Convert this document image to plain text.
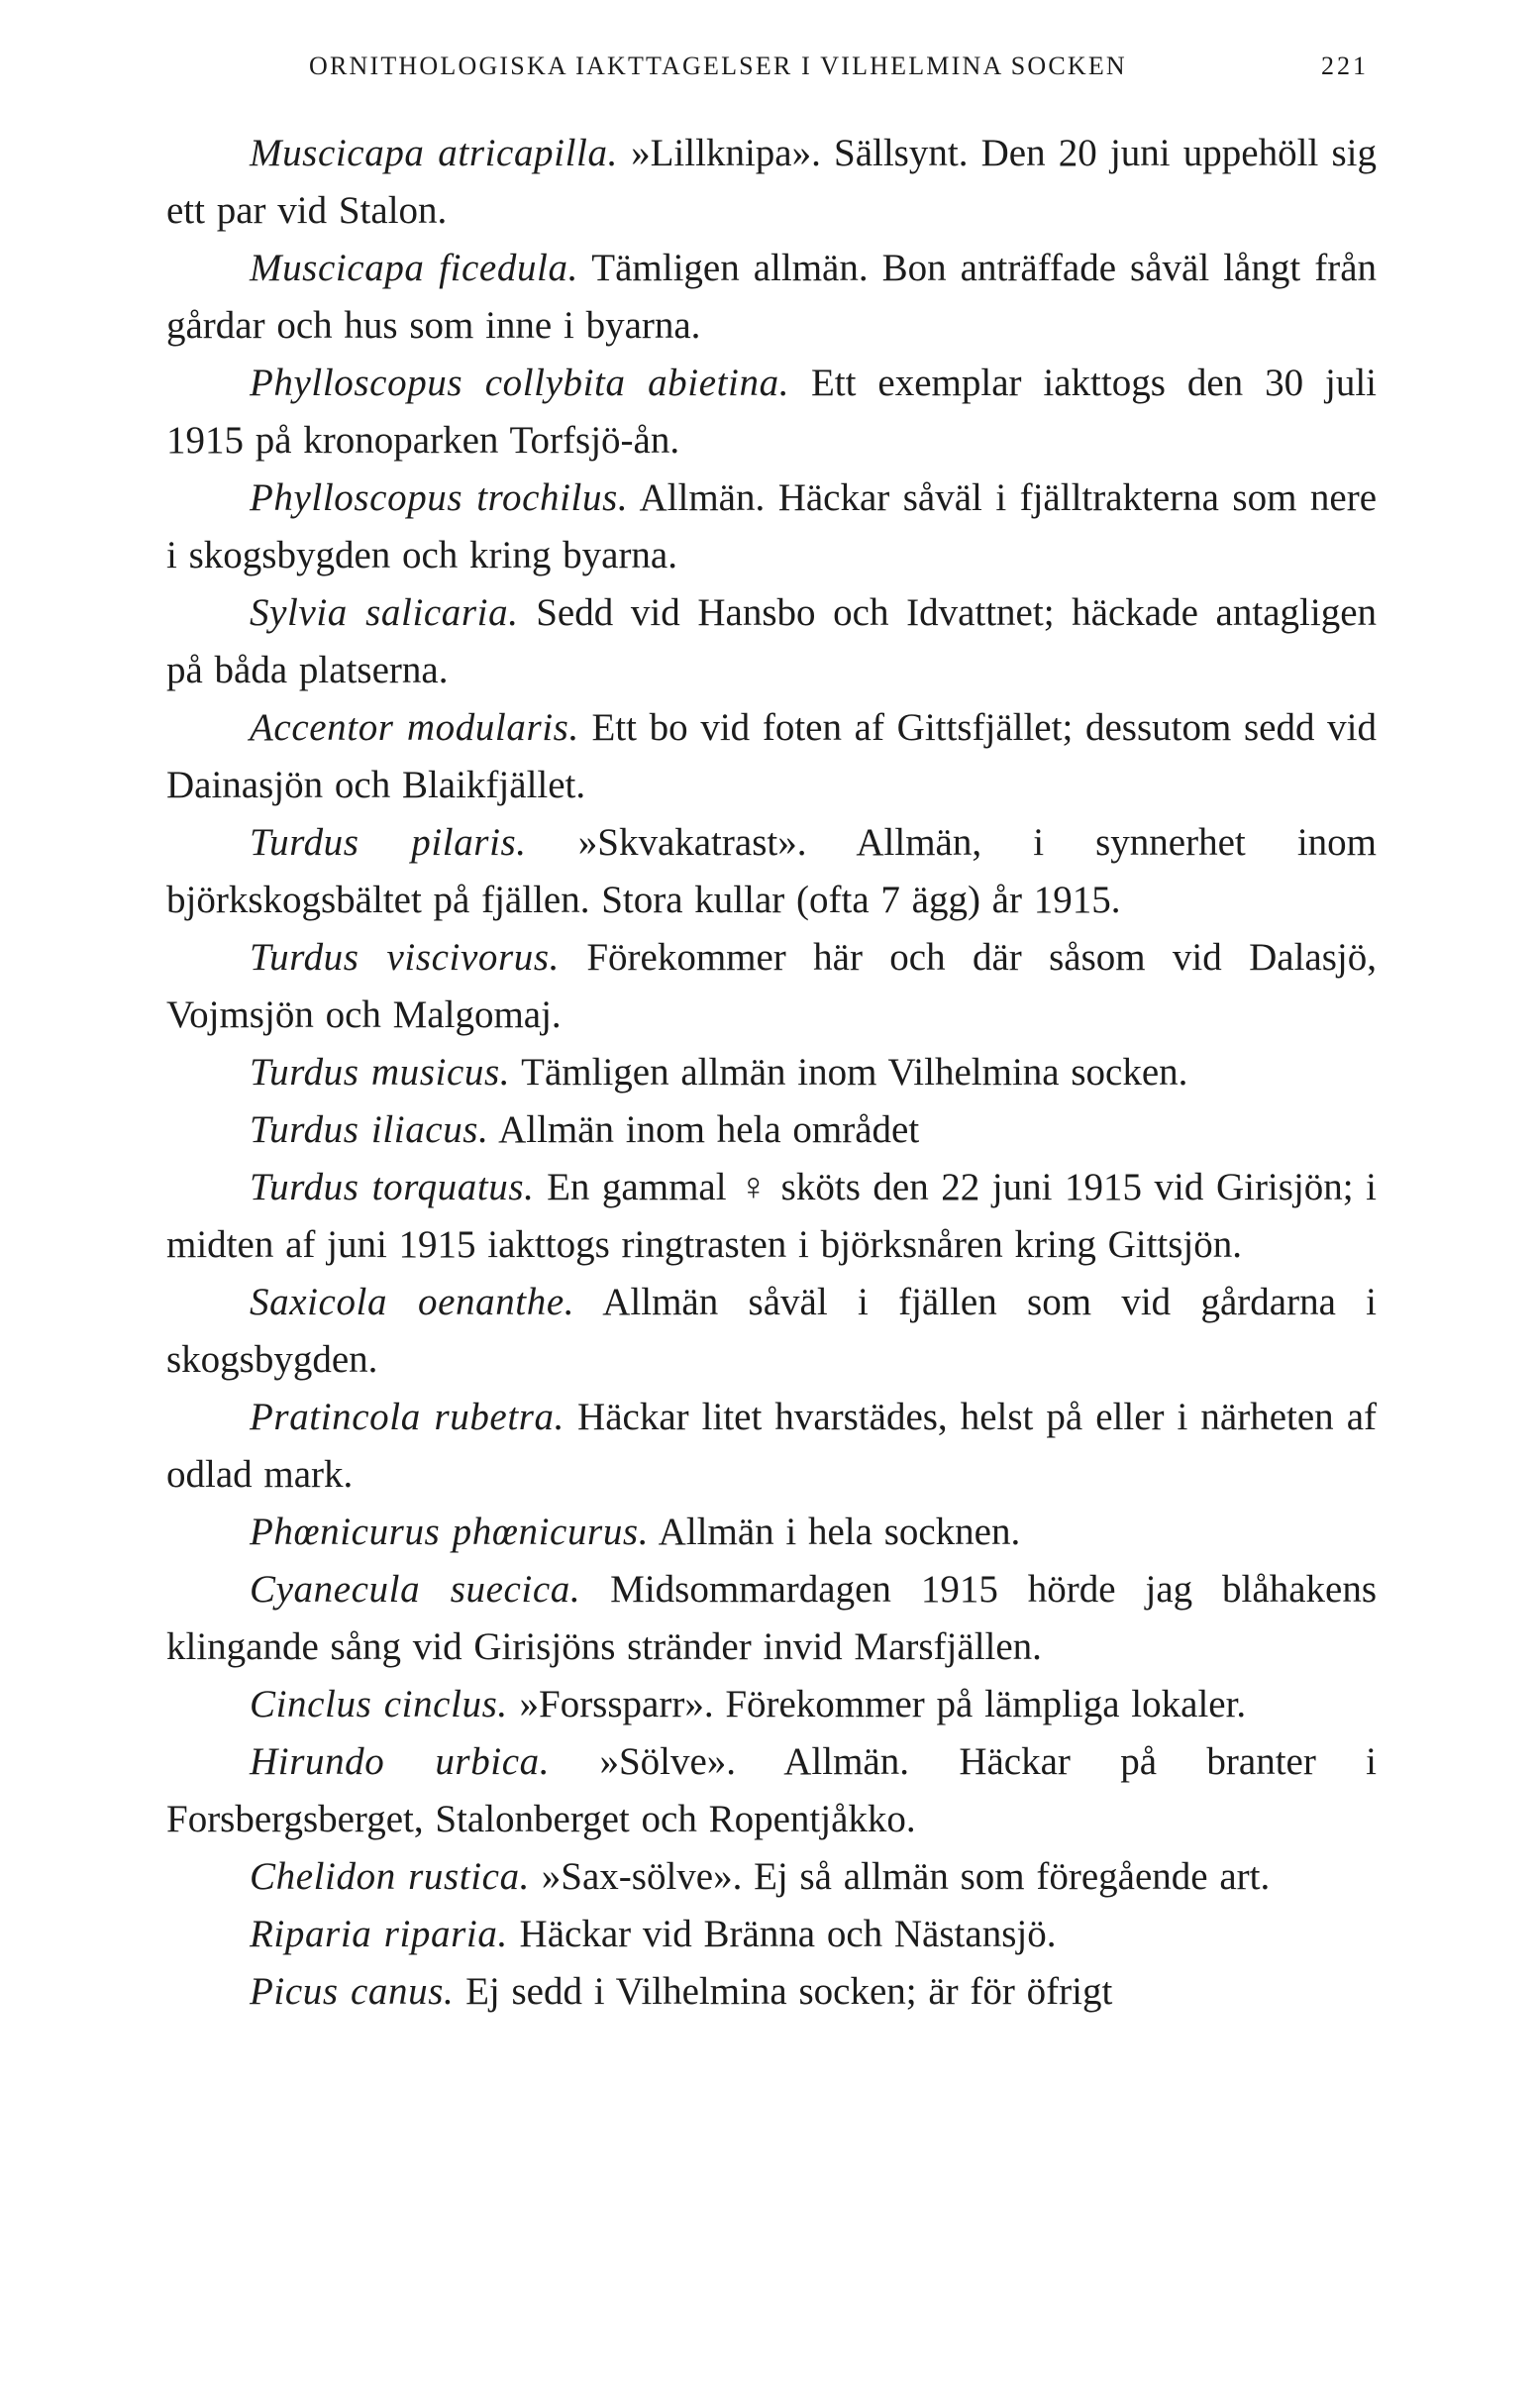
ORNITHOLOGISKA IAKTTAGELSER I VILHELMINA SOCKEN	221

Muscicapa atricapilla. »Lillknipa». Sällsynt. Den 20 juni uppehöll sig ett par vid Stalon.

Muscicapa ficedula. Tämligen allmän. Bon anträffade såväl långt från gårdar och hus som inne i byarna.

Phylloscopus collybita abietina. Ett exemplar iakttogs den 30 juli 1915 på kronoparken Torfsjö-ån.

Phylloscopus trochilus. Allmän. Häckar såväl i fjälltrakterna som nere i skogsbygden och kring byarna.

Sylvia salicaria. Sedd vid Hansbo och Idvattnet; häckade antagligen på båda platserna.

Accentor modularis. Ett bo vid foten af Gittsfjället; dessutom sedd vid Dainasjön och Blaikfjället.

Turdus pilaris. »Skvakatrast». Allmän, i synnerhet inom björkskogsbältet på fjällen. Stora kullar (ofta 7 ägg) år 1915.

Turdus viscivorus. Förekommer här och där såsom vid Dalasjö, Vojmsjön och Malgomaj.

Turdus musicus. Tämligen allmän inom Vilhelmina socken.

Turdus iliacus. Allmän inom hela området

Turdus torquatus. En gammal ♀ sköts den 22 juni 1915 vid Girisjön; i midten af juni 1915 iakttogs ringtrasten i björksnåren kring Gittsjön.

Saxicola oenanthe. Allmän såväl i fjällen som vid gårdarna i skogsbygden.

Pratincola rubetra. Häckar litet hvarstädes, helst på eller i närheten af odlad mark.

Phœnicurus phœnicurus. Allmän i hela socknen.

Cyanecula suecica. Midsommardagen 1915 hörde jag blåhakens klingande sång vid Girisjöns stränder invid Marsfjällen.

Cinclus cinclus. »Forssparr». Förekommer på lämpliga lokaler.

Hirundo urbica. »Sölve». Allmän. Häckar på branter i Forsbergsberget, Stalonberget och Ropentjåkko.

Chelidon rustica. »Sax-sölve». Ej så allmän som föregående art.

Riparia riparia. Häckar vid Bränna och Nästansjö.

Picus canus. Ej sedd i Vilhelmina socken; är för öfrigt
